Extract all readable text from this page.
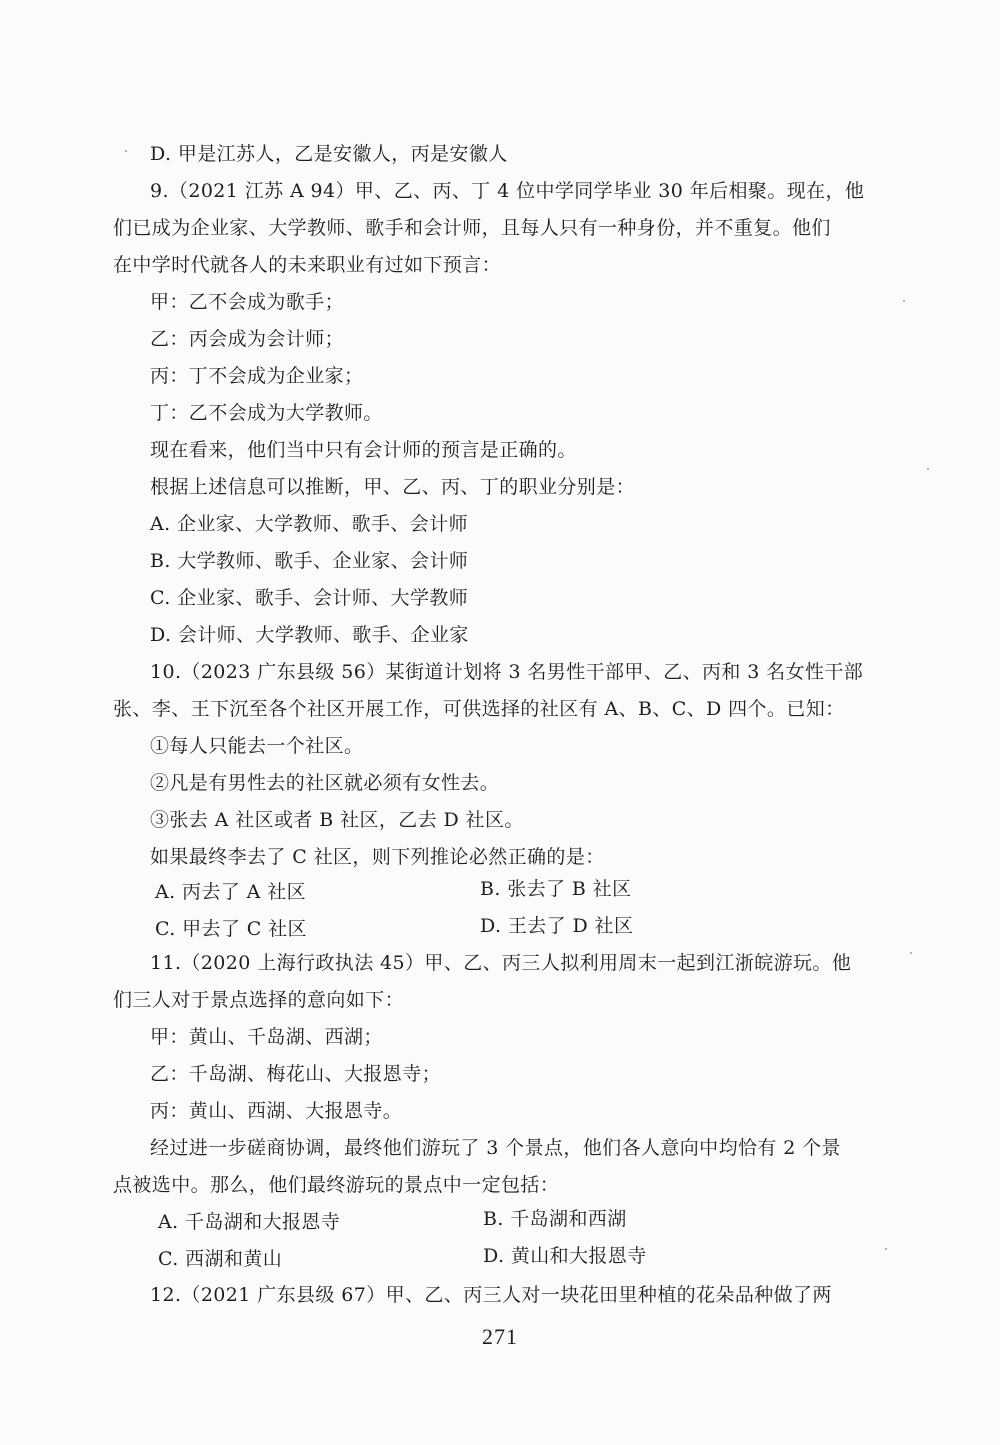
D. 甲是江苏人，乙是安徽人，丙是安徽人
9.（2021 江苏 A 94）甲、乙、丙、丁 4 位中学同学毕业 30 年后相聚。现在，他
们已成为企业家、大学教师、歌手和会计师，且每人只有一种身份，并不重复。他们
在中学时代就各人的未来职业有过如下预言：
甲：乙不会成为歌手；
乙：丙会成为会计师；
丙：丁不会成为企业家；
丁：乙不会成为大学教师。
现在看来，他们当中只有会计师的预言是正确的。
根据上述信息可以推断，甲、乙、丙、丁的职业分别是：
A. 企业家、大学教师、歌手、会计师
B. 大学教师、歌手、企业家、会计师
C. 企业家、歌手、会计师、大学教师
D. 会计师、大学教师、歌手、企业家
10.（2023 广东县级 56）某街道计划将 3 名男性干部甲、乙、丙和 3 名女性干部
张、李、王下沉至各个社区开展工作，可供选择的社区有 A、B、C、D 四个。已知：
①每人只能去一个社区。
②凡是有男性去的社区就必须有女性去。
③张去 A 社区或者 B 社区，乙去 D 社区。
如果最终李去了 C 社区，则下列推论必然正确的是：
A. 丙去了 A 社区	B. 张去了 B 社区
C. 甲去了 C 社区	D. 王去了 D 社区
11.（2020 上海行政执法 45）甲、乙、丙三人拟利用周末一起到江浙皖游玩。他
们三人对于景点选择的意向如下：
甲：黄山、千岛湖、西湖；
乙：千岛湖、梅花山、大报恩寺；
丙：黄山、西湖、大报恩寺。
经过进一步磋商协调，最终他们游玩了 3 个景点，他们各人意向中均恰有 2 个景
点被选中。那么，他们最终游玩的景点中一定包括：
A. 千岛湖和大报恩寺	B. 千岛湖和西湖
C. 西湖和黄山	D. 黄山和大报恩寺
12.（2021 广东县级 67）甲、乙、丙三人对一块花田里种植的花朵品种做了两
271
